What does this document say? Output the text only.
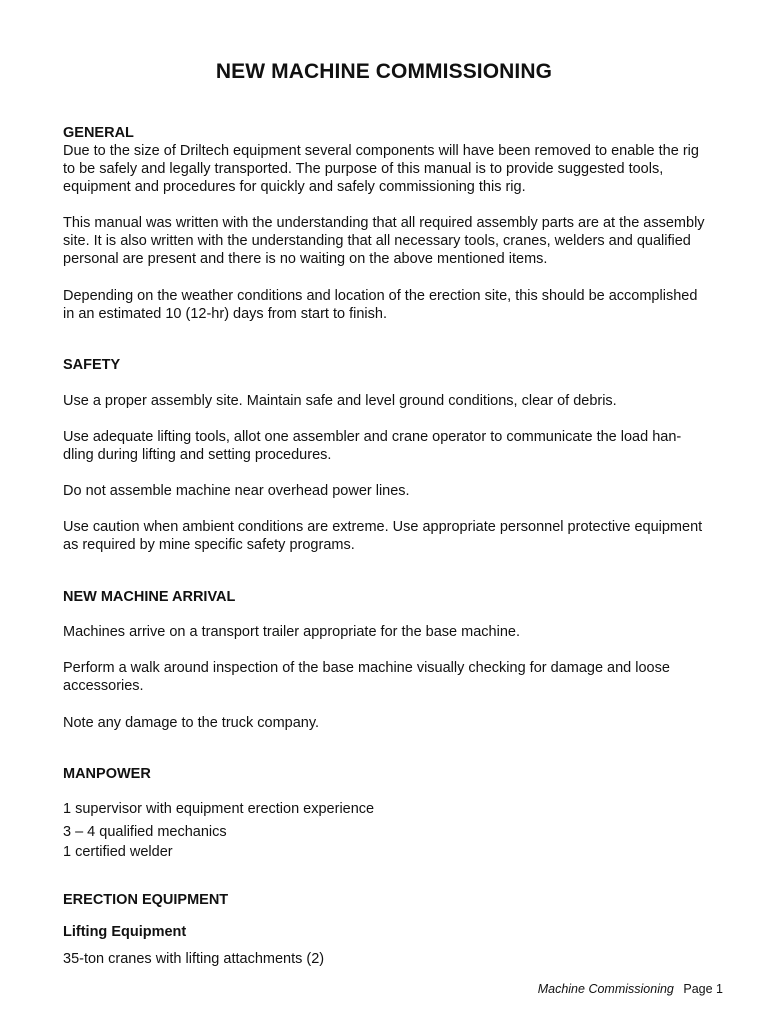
NEW MACHINE COMMISSIONING
GENERAL
Due to the size of Driltech equipment several components will have been removed to enable the rig
to be safely and legally transported. The purpose of this manual is to provide suggested tools,
equipment and procedures for quickly and safely commissioning this rig.
This manual was written with the understanding that all required assembly parts are at the assembly
site. It is also written with the understanding that all necessary tools, cranes, welders and qualified
personal are present and there is no waiting on the above mentioned items.
Depending on the weather conditions and location of the erection site, this should be accomplished
in an estimated 10 (12-hr) days from start to finish.
SAFETY
Use a proper assembly site. Maintain safe and level ground conditions, clear of debris.
Use adequate lifting tools, allot one assembler and crane operator to communicate the load han-
dling during lifting and setting procedures.
Do not assemble machine near overhead power lines.
Use caution when ambient conditions are extreme. Use appropriate personnel protective equipment
as required by mine specific safety programs.
NEW MACHINE ARRIVAL
Machines arrive on a transport trailer appropriate for the base machine.
Perform a walk around inspection of the base machine visually checking for damage and loose
accessories.
Note any damage to the truck company.
MANPOWER
1 supervisor with equipment erection experience
3 – 4 qualified mechanics
1 certified welder
ERECTION EQUIPMENT
Lifting Equipment
35-ton cranes with lifting attachments (2)
Machine Commissioning Page 1
